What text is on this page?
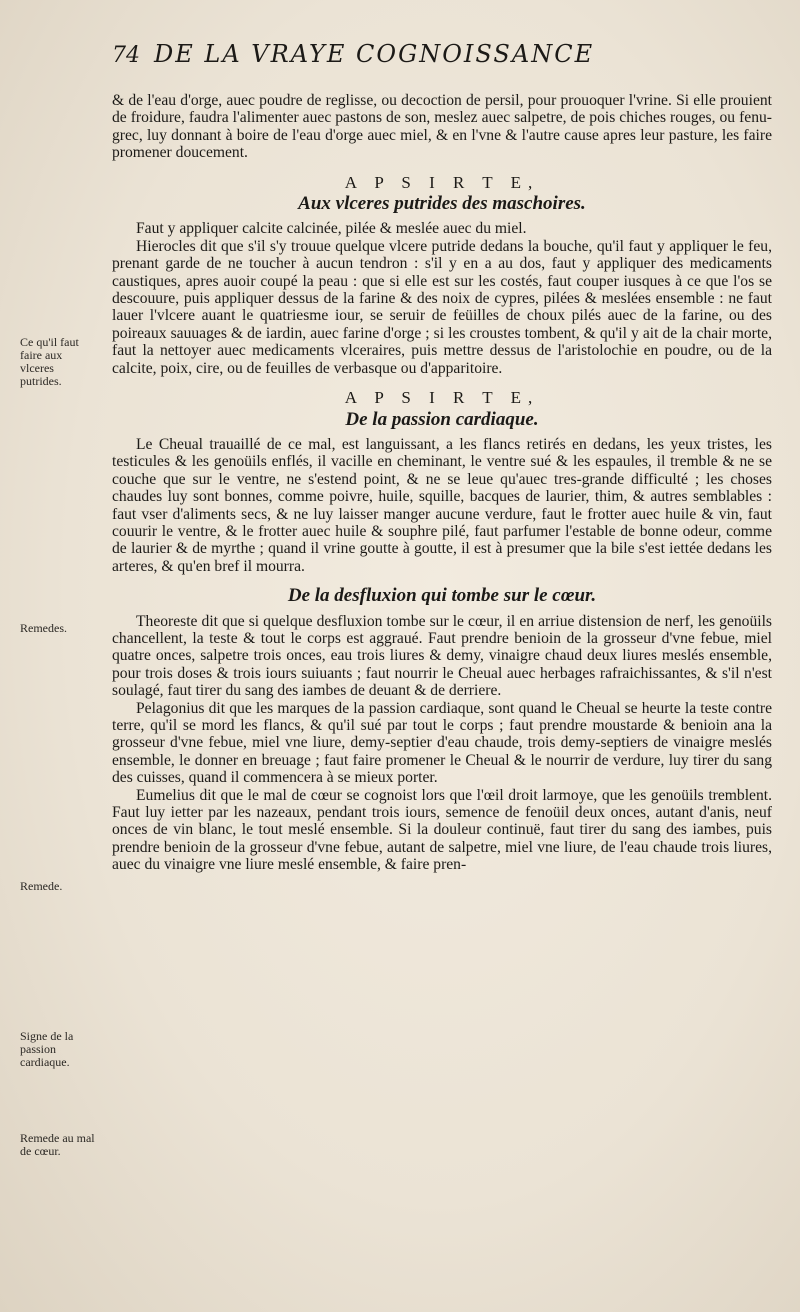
74 DE LA VRAYE COGNOISSANCE

& de l'eau d'orge, auec poudre de reglisse, ou decoction de persil, pour prouoquer l'vrine. Si elle prouient de froidure, faudra l'alimenter auec pastons de son, meslez auec salpetre, de pois chiches rouges, ou fenu-grec, luy donnant à boire de l'eau d'orge auec miel, & en l'vne & l'autre cause apres leur pasture, les faire promener doucement.

A P S I R T E,
Aux vlceres putrides des maschoires.

Faut y appliquer calcite calcinée, pilée & meslée auec du miel.

Hierocles dit que s'il s'y trouue quelque vlcere putride dedans la bouche, qu'il faut y appliquer le feu, prenant garde de ne toucher à aucun tendron : s'il y en a au dos, faut y appliquer des medicaments caustiques, apres auoir coupé la peau : que si elle est sur les costés, faut couper iusques à ce que l'os se descouure, puis appliquer dessus de la farine & des noix de cypres, pilées & meslées ensemble : ne faut lauer l'vlcere auant le quatriesme iour, se seruir de feüilles de choux pilés auec de la farine, ou des poireaux sauuages & de iardin, auec farine d'orge ; si les croustes tombent, & qu'il y ait de la chair morte, faut la nettoyer auec medicaments vlceraires, puis mettre dessus de l'aristolochie en poudre, ou de la calcite, poix, cire, ou de feuilles de verbasque ou d'apparitoire.

A P S I R T E,
De la passion cardiaque.

Le Cheual trauaillé de ce mal, est languissant, a les flancs retirés en dedans, les yeux tristes, les testicules & les genoüils enflés, il vacille en cheminant, le ventre sué & les espaules, il tremble & ne se couche que sur le ventre, ne s'estend point, & ne se leue qu'auec tres-grande difficulté ; les choses chaudes luy sont bonnes, comme poivre, huile, squille, bacques de laurier, thim, & autres semblables : faut vser d'aliments secs, & ne luy laisser manger aucune verdure, faut le frotter auec huile & vin, faut couurir le ventre, & le frotter auec huile & souphre pilé, faut parfumer l'estable de bonne odeur, comme de laurier & de myrthe ; quand il vrine goutte à goutte, il est à presumer que la bile s'est iettée dedans les arteres, & qu'en bref il mourra.

De la desfluxion qui tombe sur le cœur.

Theoreste dit que si quelque desfluxion tombe sur le cœur, il en arriue distension de nerf, les genoüils chancellent, la teste & tout le corps est aggraué. Faut prendre benioin de la grosseur d'vne febue, miel quatre onces, salpetre trois onces, eau trois liures & demy, vinaigre chaud deux liures meslés ensemble, pour trois doses & trois iours suiuants ; faut nourrir le Cheual auec herbages rafraichissantes, & s'il n'est soulagé, faut tirer du sang des iambes de deuant & de derriere.

Pelagonius dit que les marques de la passion cardiaque, sont quand le Cheual se heurte la teste contre terre, qu'il se mord les flancs, & qu'il sué par tout le corps ; faut prendre moustarde & benioin ana la grosseur d'vne febue, miel vne liure, demy-septier d'eau chaude, trois demy-septiers de vinaigre meslés ensemble, le donner en breuage ; faut faire promener le Cheual & le nourrir de verdure, luy tirer du sang des cuisses, quand il commencera à se mieux porter.

Eumelius dit que le mal de cœur se cognoist lors que l'œil droit larmoye, que les genoüils tremblent. Faut luy ietter par les nazeaux, pendant trois iours, semence de fenoüil deux onces, autant d'anis, neuf onces de vin blanc, le tout meslé ensemble. Si la douleur continuë, faut tirer du sang des iambes, puis prendre benioin de la grosseur d'vne febue, autant de salpetre, miel vne liure, de l'eau chaude trois liures, auec du vinaigre vne liure meslé ensemble, & faire pren-

Ce qu'il faut faire aux vlceres putrides.
Remedes.
Remede.
Signe de la passion cardiaque.
Remede au mal de cœur.
